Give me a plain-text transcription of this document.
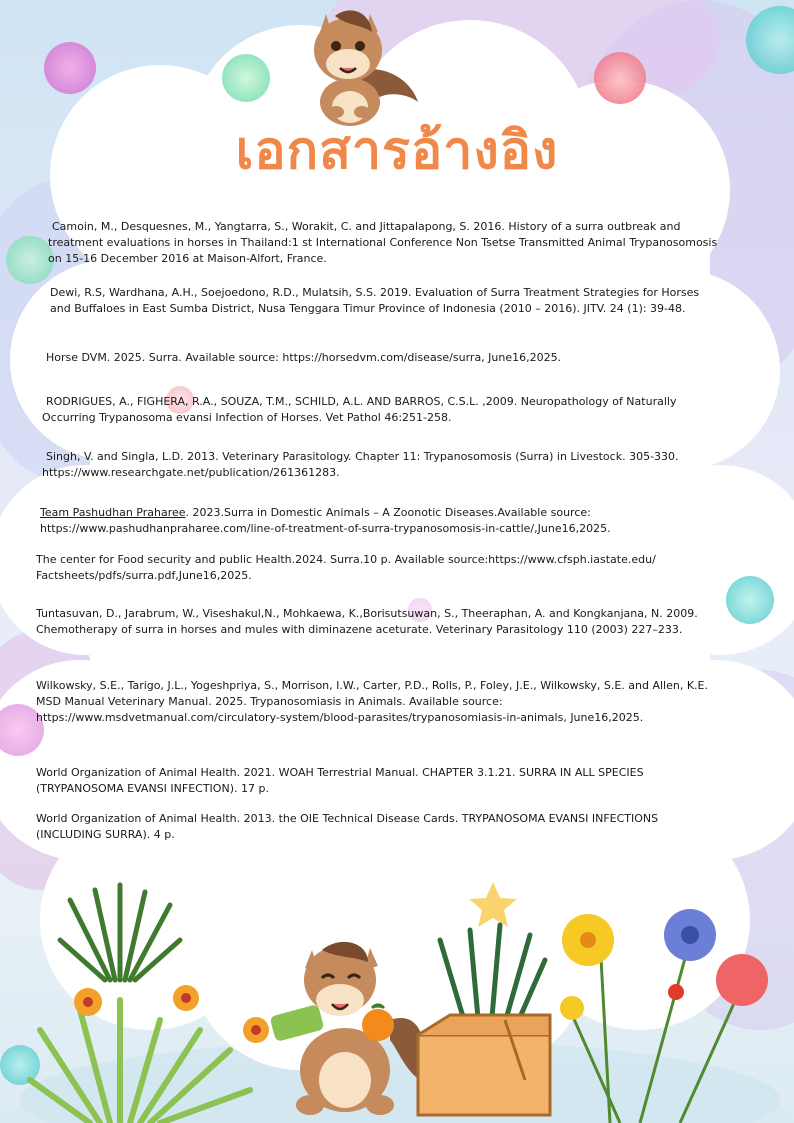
เอกสารอ้างอิง

Camoin, M., Desquesnes, M., Yangtarra, S., Worakit, C. and Jittapalapong, S. 2016. History of a surra outbreak and treatment evaluations in horses in Thailand:1 st International Conference Non Tsetse Transmitted Animal Trypanosomosis on 15-16 December 2016 at Maison-Alfort, France.

Dewi, R.S, Wardhana, A.H., Soejoedono, R.D., Mulatsih, S.S. 2019. Evaluation of Surra Treatment Strategies for Horses and Buffaloes in East Sumba District, Nusa Tenggara Timur Province of Indonesia (2010 – 2016). JITV. 24 (1): 39-48.

Horse DVM. 2025. Surra. Available source: https://horsedvm.com/disease/surra, June16,2025.

RODRIGUES, A., FIGHERA, R.A., SOUZA, T.M., SCHILD, A.L. AND BARROS, C.S.L. ,2009. Neuropathology of Naturally Occurring Trypanosoma evansi Infection of Horses. Vet Pathol 46:251-258.

Singh, V. and Singla, L.D. 2013. Veterinary Parasitology. Chapter 11: Trypanosomosis (Surra) in Livestock. 305-330. https://www.researchgate.net/publication/261361283.

Team Pashudhan Praharee. 2023.Surra in Domestic Animals – A Zoonotic Diseases.Available source: https://www.pashudhanpraharee.com/line-of-treatment-of-surra-trypanosomosis-in-cattle/,June16,2025.

The center for Food security and public Health.2024. Surra.10 p. Available source:https://www.cfsph.iastate.edu/ Factsheets/pdfs/surra.pdf,June16,2025.

Tuntasuvan, D., Jarabrum, W., Viseshakul,N., Mohkaewa, K.,Borisutsuwan, S., Theeraphan, A. and Kongkanjana, N. 2009. Chemotherapy of surra in horses and mules with diminazene aceturate. Veterinary Parasitology 110 (2003) 227–233.

Wilkowsky, S.E., Tarigo, J.L., Yogeshpriya, S., Morrison, I.W., Carter, P.D., Rolls, P., Foley, J.E., Wilkowsky, S.E. and Allen, K.E. MSD Manual Veterinary Manual. 2025. Trypanosomiasis in Animals. Available source: https://www.msdvetmanual.com/circulatory-system/blood-parasites/trypanosomiasis-in-animals, June16,2025.

World Organization of Animal Health. 2021. WOAH Terrestrial Manual. CHAPTER 3.1.21. SURRA IN ALL SPECIES (TRYPANOSOMA EVANSI INFECTION). 17 p.

World Organization of Animal Health. 2013. the OIE Technical Disease Cards. TRYPANOSOMA EVANSI INFECTIONS (INCLUDING SURRA). 4 p.
